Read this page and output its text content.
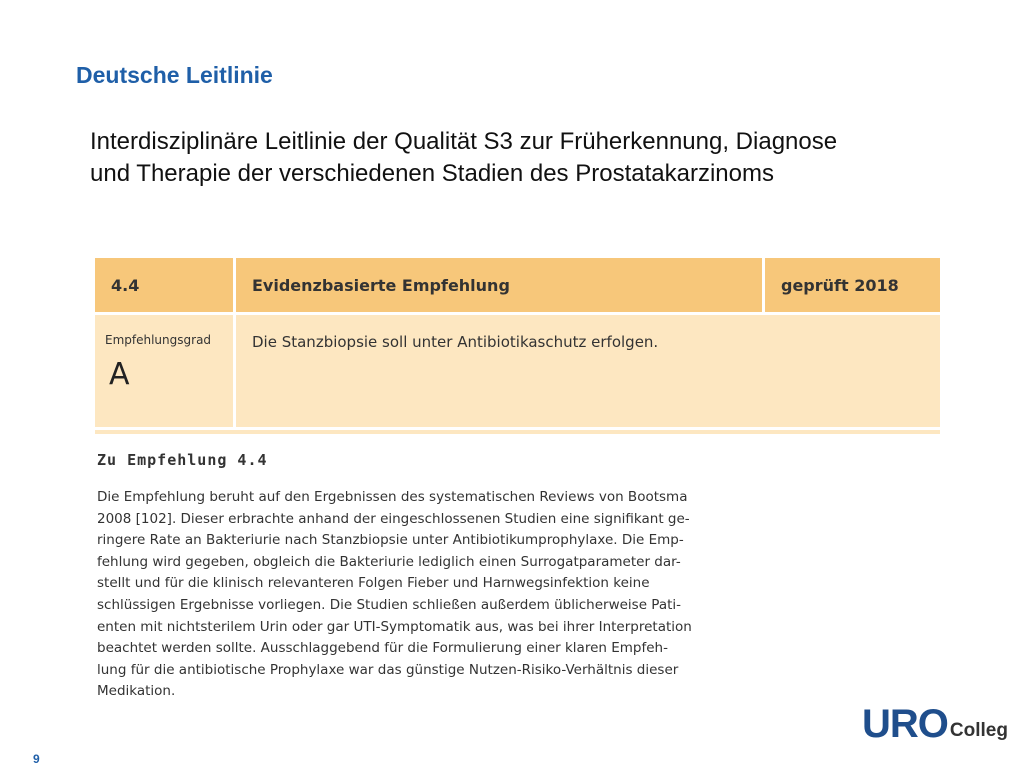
Deutsche Leitlinie
Interdisziplinäre Leitlinie der Qualität S3 zur Früherkennung, Diagnose und Therapie der verschiedenen Stadien des Prostatakarzinoms
4.4	Evidenzbasierte Empfehlung	geprüft 2018
Empfehlungsgrad
A
Die Stanzbiopsie soll unter Antibiotikaschutz erfolgen.
Zu Empfehlung 4.4
Die Empfehlung beruht auf den Ergebnissen des systematischen Reviews von Bootsma
2008 [102]. Dieser erbrachte anhand der eingeschlossenen Studien eine signifikant ge-
ringere Rate an Bakteriurie nach Stanzbiopsie unter Antibiotikumprophylaxe. Die Emp-
fehlung wird gegeben, obgleich die Bakteriurie lediglich einen Surrogatparameter dar-
stellt und für die klinisch relevanteren Folgen Fieber und Harnwegsinfektion keine
schlüssigen Ergebnisse vorliegen. Die Studien schließen außerdem üblicherweise Pati-
enten mit nichtsterilem Urin oder gar UTI-Symptomatik aus, was bei ihrer Interpretation
beachtet werden sollte. Ausschlaggebend für die Formulierung einer klaren Empfeh-
lung für die antibiotische Prophylaxe war das günstige Nutzen-Risiko-Verhältnis dieser
Medikation.
URO Colleg
9
